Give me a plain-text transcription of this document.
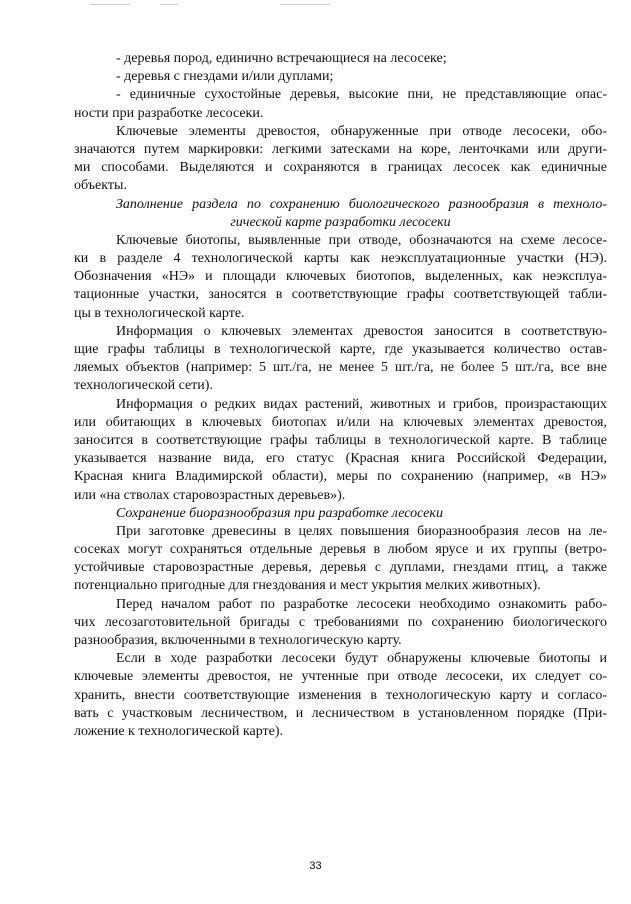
- деревья пород, единично встречающиеся на лесосеке;
- деревья с гнездами и/или дуплами;
- единичные сухостойные деревья, высокие пни, не представляющие опас-
ности при разработке лесосеки.
Ключевые элементы древостоя, обнаруженные при отводе лесосеки, обо-
значаются путем маркировки: легкими затесками на коре, ленточками или други-
ми способами. Выделяются и сохраняются в границах лесосек как единичные
объекты.
Заполнение раздела по сохранению биологического разнообразия в техноло-
гической карте разработки лесосеки
Ключевые биотопы, выявленные при отводе, обозначаются на схеме лесосе-
ки в разделе 4 технологической карты как неэксплуатационные участки (НЭ).
Обозначения «НЭ» и площади ключевых биотопов, выделенных, как неэксплуа-
тационные участки, заносятся в соответствующие графы соответствующей табли-
цы в технологической карте.
Информация о ключевых элементах древостоя заносится в соответствую-
щие графы таблицы в технологической карте, где указывается количество остав-
ляемых объектов (например: 5 шт./га, не менее 5 шт./га, не более 5 шт./га, все вне
технологической сети).
Информация о редких видах растений, животных и грибов, произрастающих
или обитающих в ключевых биотопах и/или на ключевых элементах древостоя,
заносится в соответствующие графы таблицы в технологической карте. В таблице
указывается название вида, его статус (Красная книга Российской Федерации,
Красная книга Владимирской области), меры по сохранению (например, «в НЭ»
или «на стволах старовозрастных деревьев»).
Сохранение биоразнообразия при разработке лесосеки
При заготовке древесины в целях повышения биоразнообразия лесов на ле-
сосеках могут сохраняться отдельные деревья в любом ярусе и их группы (ветро-
устойчивые старовозрастные деревья, деревья с дуплами, гнездами птиц, а также
потенциально пригодные для гнездования и мест укрытия мелких животных).
Перед началом работ по разработке лесосеки необходимо ознакомить рабо-
чих лесозаготовительной бригады с требованиями по сохранению биологического
разнообразия, включенными в технологическую карту.
Если в ходе разработки лесосеки будут обнаружены ключевые биотопы и
ключевые элементы древостоя, не учтенные при отводе лесосеки, их следует со-
хранить, внести соответствующие изменения в технологическую карту и согласо-
вать с участковым лесничеством, и лесничеством в установленном порядке (При-
ложение к технологической карте).
33
